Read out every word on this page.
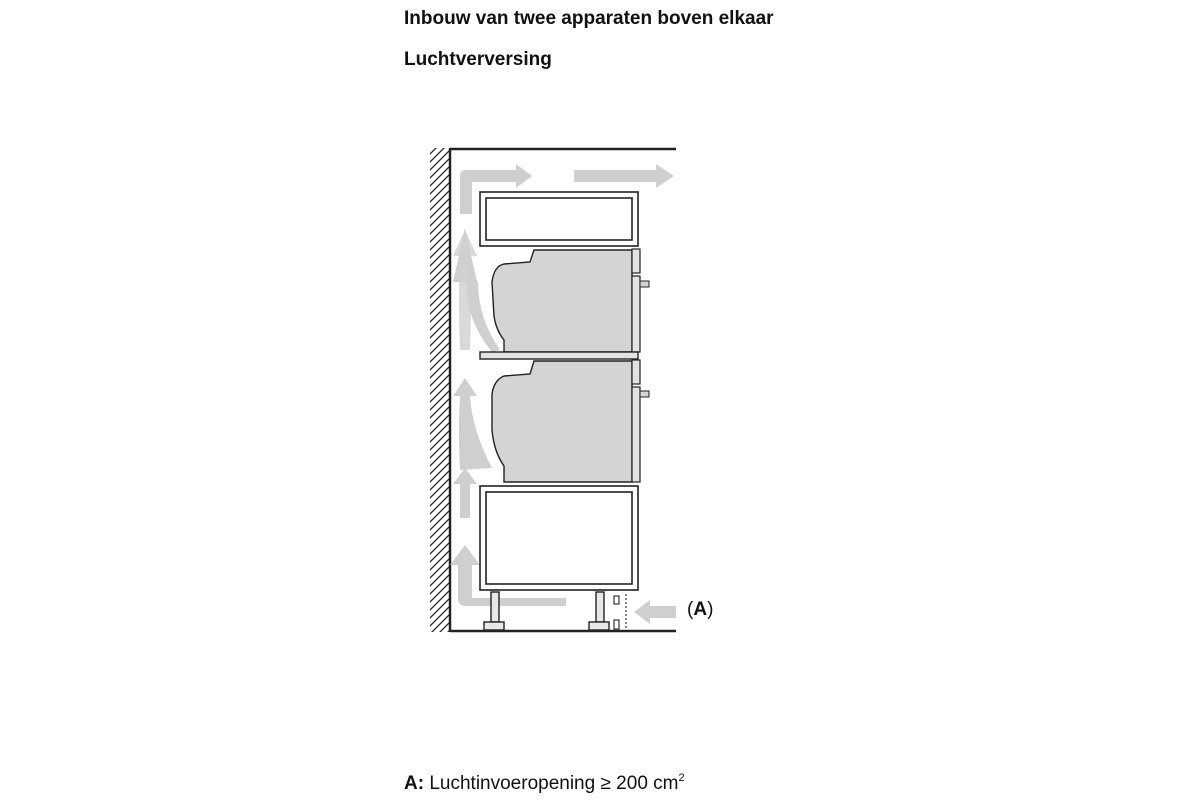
Inbouw van twee apparaten boven elkaar
Luchtverversing
(A)
A: Luchtinvoeropening ≥ 200 $cm^2$
